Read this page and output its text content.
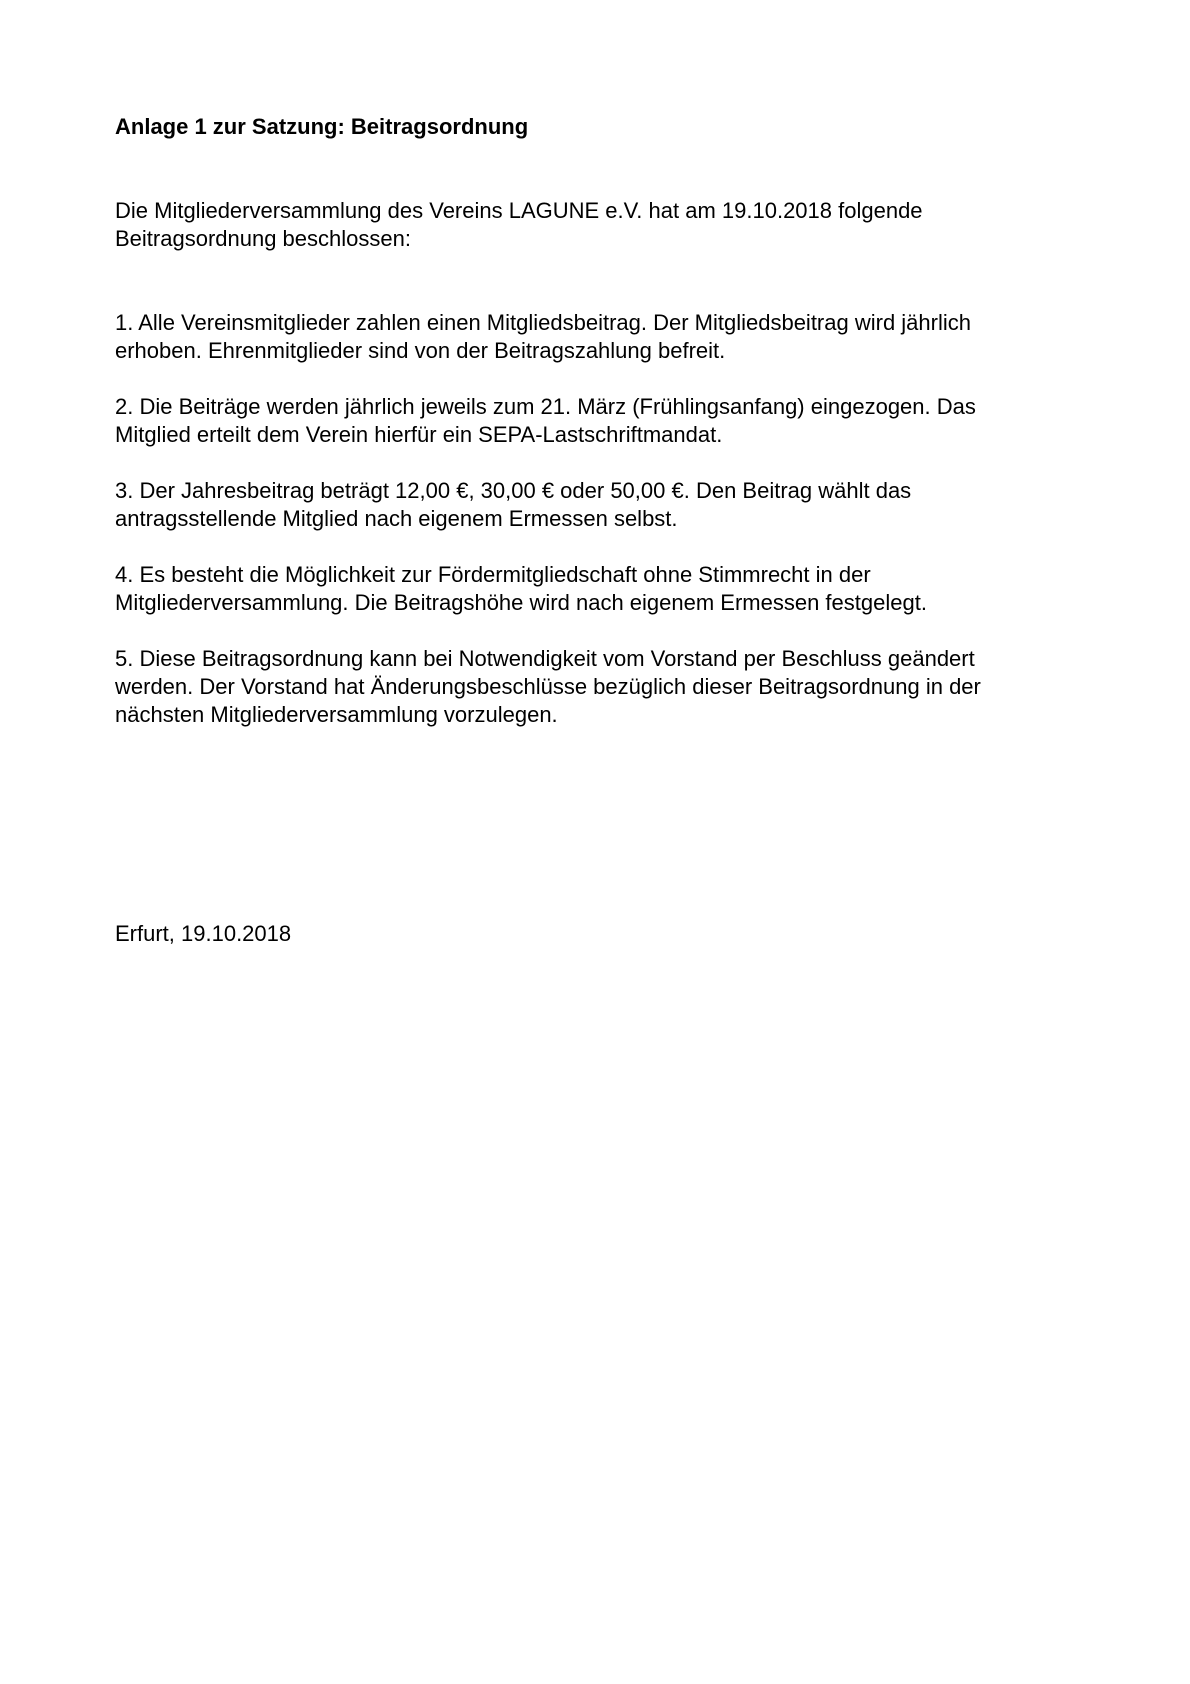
Anlage 1 zur Satzung: Beitragsordnung

Die Mitgliederversammlung des Vereins LAGUNE e.V. hat am 19.10.2018 folgende
Beitragsordnung beschlossen:

1. Alle Vereinsmitglieder zahlen einen Mitgliedsbeitrag. Der Mitgliedsbeitrag wird jährlich
erhoben. Ehrenmitglieder sind von der Beitragszahlung befreit.
2. Die Beiträge werden jährlich jeweils zum 21. März (Frühlingsanfang) eingezogen. Das
Mitglied erteilt dem Verein hierfür ein SEPA-Lastschriftmandat.
3. Der Jahresbeitrag beträgt 12,00 €, 30,00 € oder 50,00 €. Den Beitrag wählt das
antragsstellende Mitglied nach eigenem Ermessen selbst.
4. Es besteht die Möglichkeit zur Fördermitgliedschaft ohne Stimmrecht in der
Mitgliederversammlung. Die Beitragshöhe wird nach eigenem Ermessen festgelegt.
5. Diese Beitragsordnung kann bei Notwendigkeit vom Vorstand per Beschluss geändert
werden. Der Vorstand hat Änderungsbeschlüsse bezüglich dieser Beitragsordnung in der
nächsten Mitgliederversammlung vorzulegen.

Erfurt, 19.10.2018
